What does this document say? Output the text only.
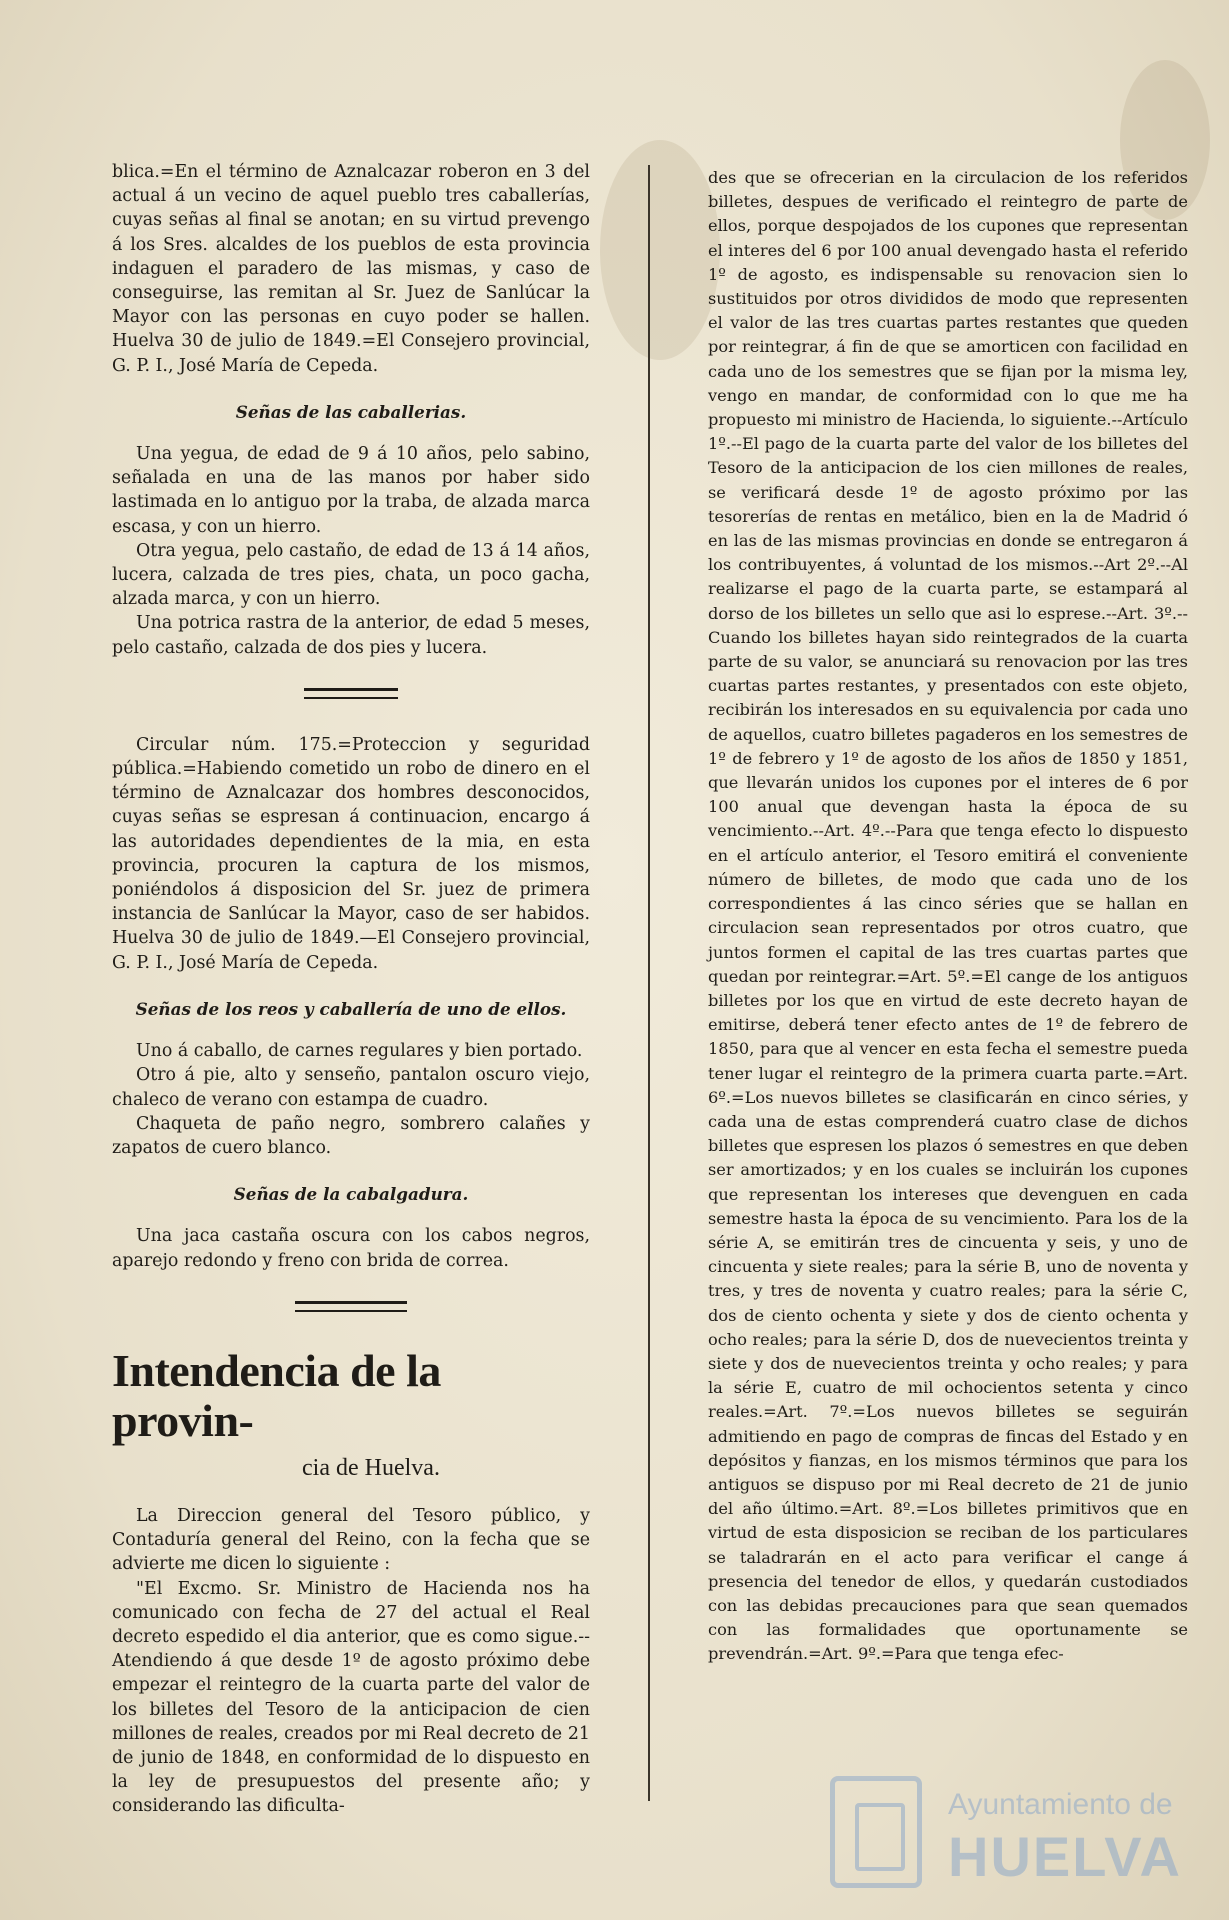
blica.=En el término de Aznalcazar roberon en 3 del actual á un vecino de aquel pueblo tres caballerías, cuyas señas al final se anotan; en su virtud prevengo á los Sres. alcaldes de los pueblos de esta provincia indaguen el paradero de las mismas, y caso de conseguirse, las remitan al Sr. Juez de Sanlúcar la Mayor con las personas en cuyo poder se hallen. Huelva 30 de julio de 1849.=El Consejero provincial, G. P. I., José María de Cepeda.

Señas de las caballerias.

Una yegua, de edad de 9 á 10 años, pelo sabino, señalada en una de las manos por haber sido lastimada en lo antiguo por la traba, de alzada marca escasa, y con un hierro.

Otra yegua, pelo castaño, de edad de 13 á 14 años, lucera, calzada de tres pies, chata, un poco gacha, alzada marca, y con un hierro.

Una potrica rastra de la anterior, de edad 5 meses, pelo castaño, calzada de dos pies y lucera.

Circular núm. 175.=Proteccion y seguridad pública.=Habiendo cometido un robo de dinero en el término de Aznalcazar dos hombres desconocidos, cuyas señas se espresan á continuacion, encargo á las autoridades dependientes de la mia, en esta provincia, procuren la captura de los mismos, poniéndolos á disposicion del Sr. juez de primera instancia de Sanlúcar la Mayor, caso de ser habidos. Huelva 30 de julio de 1849.—El Consejero provincial, G. P. I., José María de Cepeda.

Señas de los reos y caballería de uno de ellos.

Uno á caballo, de carnes regulares y bien portado.

Otro á pie, alto y senseño, pantalon oscuro viejo, chaleco de verano con estampa de cuadro.

Chaqueta de paño negro, sombrero calañes y zapatos de cuero blanco.

Señas de la cabalgadura.

Una jaca castaña oscura con los cabos negros, aparejo redondo y freno con brida de correa.

Intendencia de la provin-

cia de Huelva.

La Direccion general del Tesoro público, y Contaduría general del Reino, con la fecha que se advierte me dicen lo siguiente :

"El Excmo. Sr. Ministro de Hacienda nos ha comunicado con fecha de 27 del actual el Real decreto espedido el dia anterior, que es como sigue.--Atendiendo á que desde 1º de agosto próximo debe empezar el reintegro de la cuarta parte del valor de los billetes del Tesoro de la anticipacion de cien millones de reales, creados por mi Real decreto de 21 de junio de 1848, en conformidad de lo dispuesto en la ley de presupuestos del presente año; y considerando las dificulta-

des que se ofrecerian en la circulacion de los referidos billetes, despues de verificado el reintegro de parte de ellos, porque despojados de los cupones que representan el interes del 6 por 100 anual devengado hasta el referido 1º de agosto, es indispensable su renovacion sien lo sustituidos por otros divididos de modo que representen el valor de las tres cuartas partes restantes que queden por reintegrar, á fin de que se amorticen con facilidad en cada uno de los semestres que se fijan por la misma ley, vengo en mandar, de conformidad con lo que me ha propuesto mi ministro de Hacienda, lo siguiente.--Artículo 1º.--El pago de la cuarta parte del valor de los billetes del Tesoro de la anticipacion de los cien millones de reales, se verificará desde 1º de agosto próximo por las tesorerías de rentas en metálico, bien en la de Madrid ó en las de las mismas provincias en donde se entregaron á los contribuyentes, á voluntad de los mismos.--Art 2º.--Al realizarse el pago de la cuarta parte, se estampará al dorso de los billetes un sello que asi lo esprese.--Art. 3º.--Cuando los billetes hayan sido reintegrados de la cuarta parte de su valor, se anunciará su renovacion por las tres cuartas partes restantes, y presentados con este objeto, recibirán los interesados en su equivalencia por cada uno de aquellos, cuatro billetes pagaderos en los semestres de 1º de febrero y 1º de agosto de los años de 1850 y 1851, que llevarán unidos los cupones por el interes de 6 por 100 anual que devengan hasta la época de su vencimiento.--Art. 4º.--Para que tenga efecto lo dispuesto en el artículo anterior, el Tesoro emitirá el conveniente número de billetes, de modo que cada uno de los correspondientes á las cinco séries que se hallan en circulacion sean representados por otros cuatro, que juntos formen el capital de las tres cuartas partes que quedan por reintegrar.=Art. 5º.=El cange de los antiguos billetes por los que en virtud de este decreto hayan de emitirse, deberá tener efecto antes de 1º de febrero de 1850, para que al vencer en esta fecha el semestre pueda tener lugar el reintegro de la primera cuarta parte.=Art. 6º.=Los nuevos billetes se clasificarán en cinco séries, y cada una de estas comprenderá cuatro clase de dichos billetes que espresen los plazos ó semestres en que deben ser amortizados; y en los cuales se incluirán los cupones que representan los intereses que devenguen en cada semestre hasta la época de su vencimiento. Para los de la série A, se emitirán tres de cincuenta y seis, y uno de cincuenta y siete reales; para la série B, uno de noventa y tres, y tres de noventa y cuatro reales; para la série C, dos de ciento ochenta y siete y dos de ciento ochenta y ocho reales; para la série D, dos de nuevecientos treinta y siete y dos de nuevecientos treinta y ocho reales; y para la série E, cuatro de mil ochocientos setenta y cinco reales.=Art. 7º.=Los nuevos billetes se seguirán admitiendo en pago de compras de fincas del Estado y en depósitos y fianzas, en los mismos términos que para los antiguos se dispuso por mi Real decreto de 21 de junio del año último.=Art. 8º.=Los billetes primitivos que en virtud de esta disposicion se reciban de los particulares se taladrarán en el acto para verificar el cange á presencia del tenedor de ellos, y quedarán custodiados con las debidas precauciones para que sean quemados con las formalidades que oportunamente se prevendrán.=Art. 9º.=Para que tenga efec-

Ayuntamiento de
HUELVA
